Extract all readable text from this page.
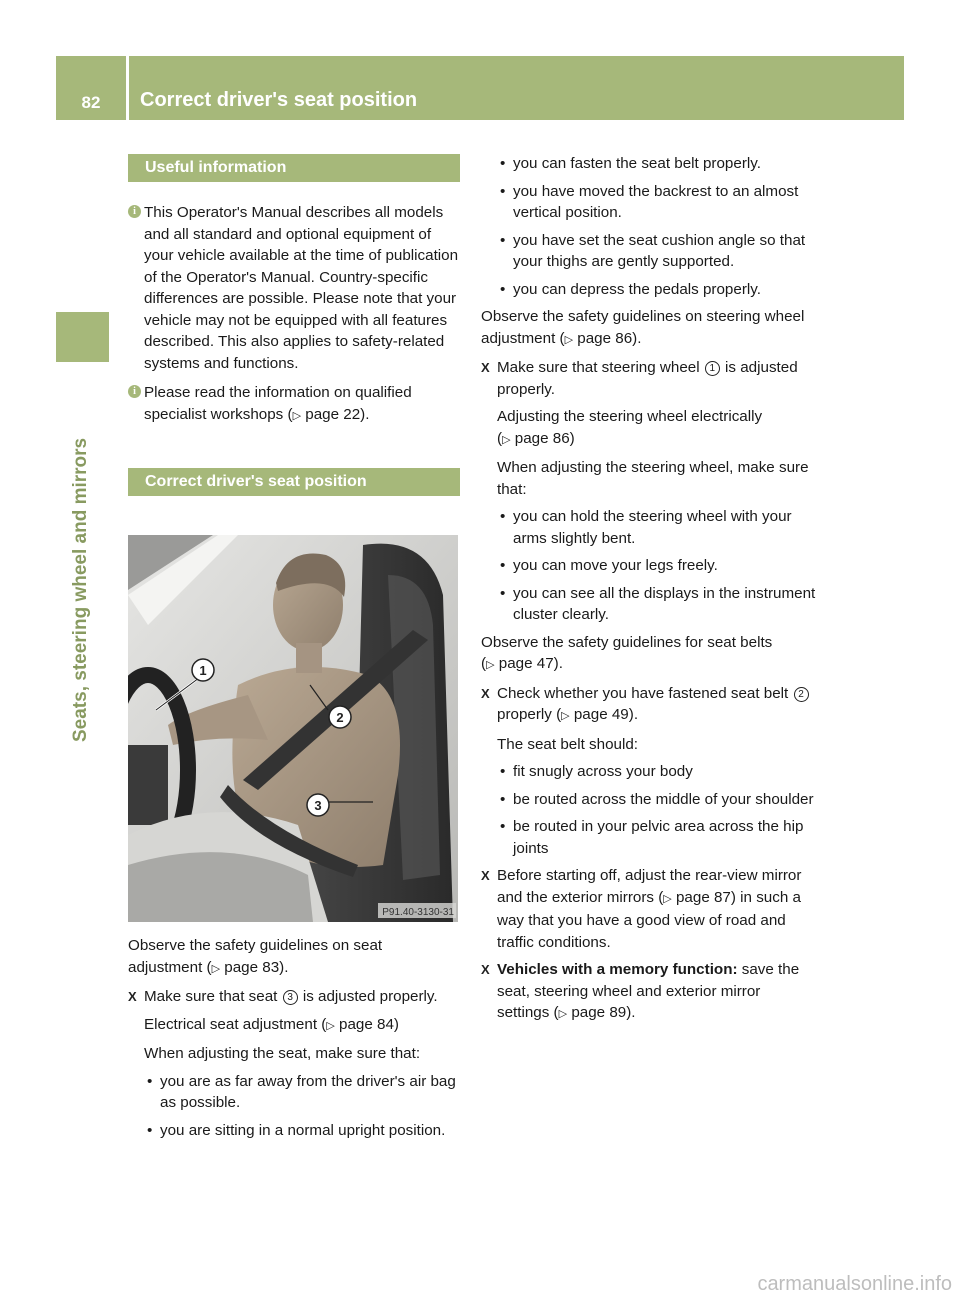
82 Correct driver's seat position
Seats, steering wheel and mirrors
Useful information
i This Operator's Manual describes all models and all standard and optional equipment of your vehicle available at the time of publication of the Operator's Manual. Country-specific differences are possible. Please note that your vehicle may not be equipped with all features described. This also applies to safety-related systems and functions.

i Please read the information on qualified specialist workshops (▷ page 22).

Correct driver's seat position
1
2
3
P91.40-3130-31

Observe the safety guidelines on seat adjustment (▷ page 83).

X Make sure that seat 3 is adjusted properly.

Electrical seat adjustment (▷ page 84)

When adjusting the seat, make sure that:

• you are as far away from the driver's air bag as possible.
• you are sitting in a normal upright position.
• you can fasten the seat belt properly.
• you have moved the backrest to an almost vertical position.
• you have set the seat cushion angle so that your thighs are gently supported.
• you can depress the pedals properly.

Observe the safety guidelines on steering wheel adjustment (▷ page 86).

X Make sure that steering wheel 1 is adjusted properly.

Adjusting the steering wheel electrically (▷ page 86)

When adjusting the steering wheel, make sure that:

• you can hold the steering wheel with your arms slightly bent.
• you can move your legs freely.
• you can see all the displays in the instrument cluster clearly.

Observe the safety guidelines for seat belts (▷ page 47).

X Check whether you have fastened seat belt 2 properly (▷ page 49).

The seat belt should:

• fit snugly across your body
• be routed across the middle of your shoulder
• be routed in your pelvic area across the hip joints
X Before starting off, adjust the rear-view mirror and the exterior mirrors (▷ page 87) in such a way that you have a good view of road and traffic conditions.

X Vehicles with a memory function: save the seat, steering wheel and exterior mirror settings (▷ page 89).

carmanualsonline.info
